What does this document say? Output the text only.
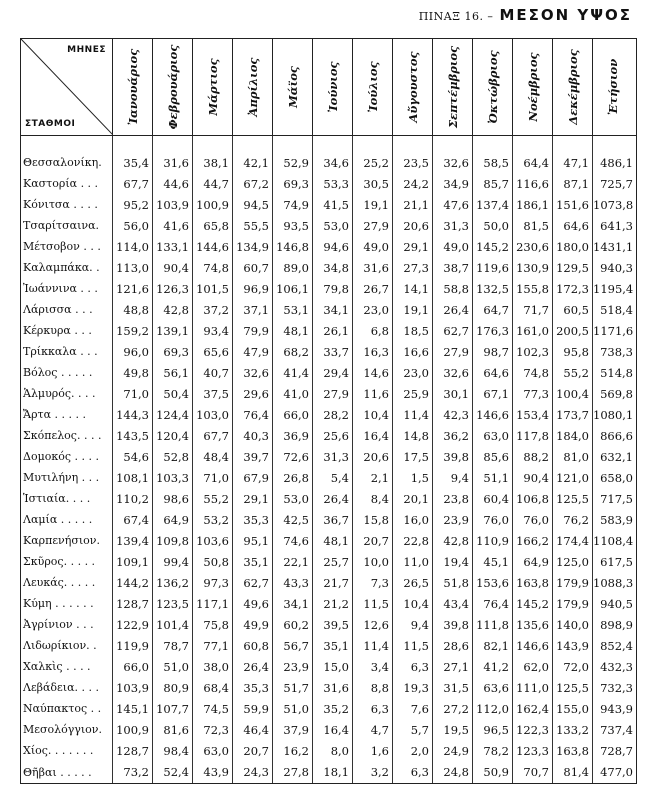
ΠΙΝΑΞ 16. – ΜΕΣΟΝ ΥΨΟΣ
ΜΗΝΕΣ
ΣΤΑΘΜΟΙ	Ἰανουάριος	Φεβρουάριος	Μάρτιος	Ἀπρίλιος	Μάϊος	Ἰούνιος	Ἰούλιος	Αὔγουστος	Σεπτέμβριος	Ὀκτώβριος	Νοέμβριος	Δεκέμβριος	Ἐτήσιον

Θεσσαλονίκη.	35,4	31,6	38,1	42,1	52,9	34,6	25,2	23,5	32,6	58,5	64,4	47,1	486,1
Καστορία . . .	67,7	44,6	44,7	67,2	69,3	53,3	30,5	24,2	34,9	85,7	116,6	87,1	725,7
Κόνιτσα . . . .	95,2	103,9	100,9	94,5	74,9	41,5	19,1	21,1	47,6	137,4	186,1	151,6	1073,8
Τσαρίτσαινα.	56,0	41,6	65,8	55,5	93,5	53,0	27,9	20,6	31,3	50,0	81,5	64,6	641,3
Μέτσοβον . . .	114,0	133,1	144,6	134,9	146,8	94,6	49,0	29,1	49,0	145,2	230,6	180,0	1431,1
Καλαμπάκα. .	113,0	90,4	74,8	60,7	89,0	34,8	31,6	27,3	38,7	119,6	130,9	129,5	940,3
Ἰωάννινα . . .	121,6	126,3	101,5	96,9	106,1	79,8	26,7	14,1	58,8	132,5	155,8	172,3	1195,4
Λάρισσα . . .	48,8	42,8	37,2	37,1	53,1	34,1	23,0	19,1	26,4	64,7	71,7	60,5	518,4
Κέρκυρα . . .	159,2	139,1	93,4	79,9	48,1	26,1	6,8	18,5	62,7	176,3	161,0	200,5	1171,6
Τρίκκαλα . . .	96,0	69,3	65,6	47,9	68,2	33,7	16,3	16,6	27,9	98,7	102,3	95,8	738,3
Βόλος . . . . .	49,8	56,1	40,7	32,6	41,4	29,4	14,6	23,0	32,6	64,6	74,8	55,2	514,8
Ἁλμυρός. . . .	71,0	50,4	37,5	29,6	41,0	27,9	11,6	25,9	30,1	67,1	77,3	100,4	569,8
Ἄρτα . . . . .	144,3	124,4	103,0	76,4	66,0	28,2	10,4	11,4	42,3	146,6	153,4	173,7	1080,1
Σκόπελος. . . .	143,5	120,4	67,7	40,3	36,9	25,6	16,4	14,8	36,2	63,0	117,8	184,0	866,6
Δομοκός . . . .	54,6	52,8	48,4	39,7	72,6	31,3	20,6	17,5	39,8	85,6	88,2	81,0	632,1
Μυτιλήνη . . .	108,1	103,3	71,0	67,9	26,8	5,4	2,1	1,5	9,4	51,1	90,4	121,0	658,0
Ἱστιαία. . . .	110,2	98,6	55,2	29,1	53,0	26,4	8,4	20,1	23,8	60,4	106,8	125,5	717,5
Λαμία . . . . .	67,4	64,9	53,2	35,3	42,5	36,7	15,8	16,0	23,9	76,0	76,0	76,2	583,9
Καρπενήσιον.	139,4	109,8	103,6	95,1	74,6	48,1	20,7	22,8	42,8	110,9	166,2	174,4	1108,4
Σκῦρος. . . . .	109,1	99,4	50,8	35,1	22,1	25,7	10,0	11,0	19,4	45,1	64,9	125,0	617,5
Λευκάς. . . . .	144,2	136,2	97,3	62,7	43,3	21,7	7,3	26,5	51,8	153,6	163,8	179,9	1088,3
Κύμη . . . . . .	128,7	123,5	117,1	49,6	34,1	21,2	11,5	10,4	43,4	76,4	145,2	179,9	940,5
Ἀγρίνιον . . .	122,9	101,4	75,8	49,9	60,2	39,5	12,6	9,4	39,8	111,8	135,6	140,0	898,9
Λιδωρίκιον. .	119,9	78,7	77,1	60,8	56,7	35,1	11,4	11,5	28,6	82,1	146,6	143,9	852,4
Χαλκὶς . . . .	66,0	51,0	38,0	26,4	23,9	15,0	3,4	6,3	27,1	41,2	62,0	72,0	432,3
Λεβάδεια. . . .	103,9	80,9	68,4	35,3	51,7	31,6	8,8	19,3	31,5	63,6	111,0	125,5	732,3
Ναύπακτος . .	145,1	107,7	74,5	59,9	51,0	35,2	6,3	7,6	27,2	112,0	162,4	155,0	943,9
Μεσολόγγιον.	100,9	81,6	72,3	46,4	37,9	16,4	4,7	5,7	19,5	96,5	122,3	133,2	737,4
Χίος. . . . . . .	128,7	98,4	63,0	20,7	16,2	8,0	1,6	2,0	24,9	78,2	123,3	163,8	728,7
Θῆβαι . . . . .	73,2	52,4	43,9	24,3	27,8	18,1	3,2	6,3	24,8	50,9	70,7	81,4	477,0
